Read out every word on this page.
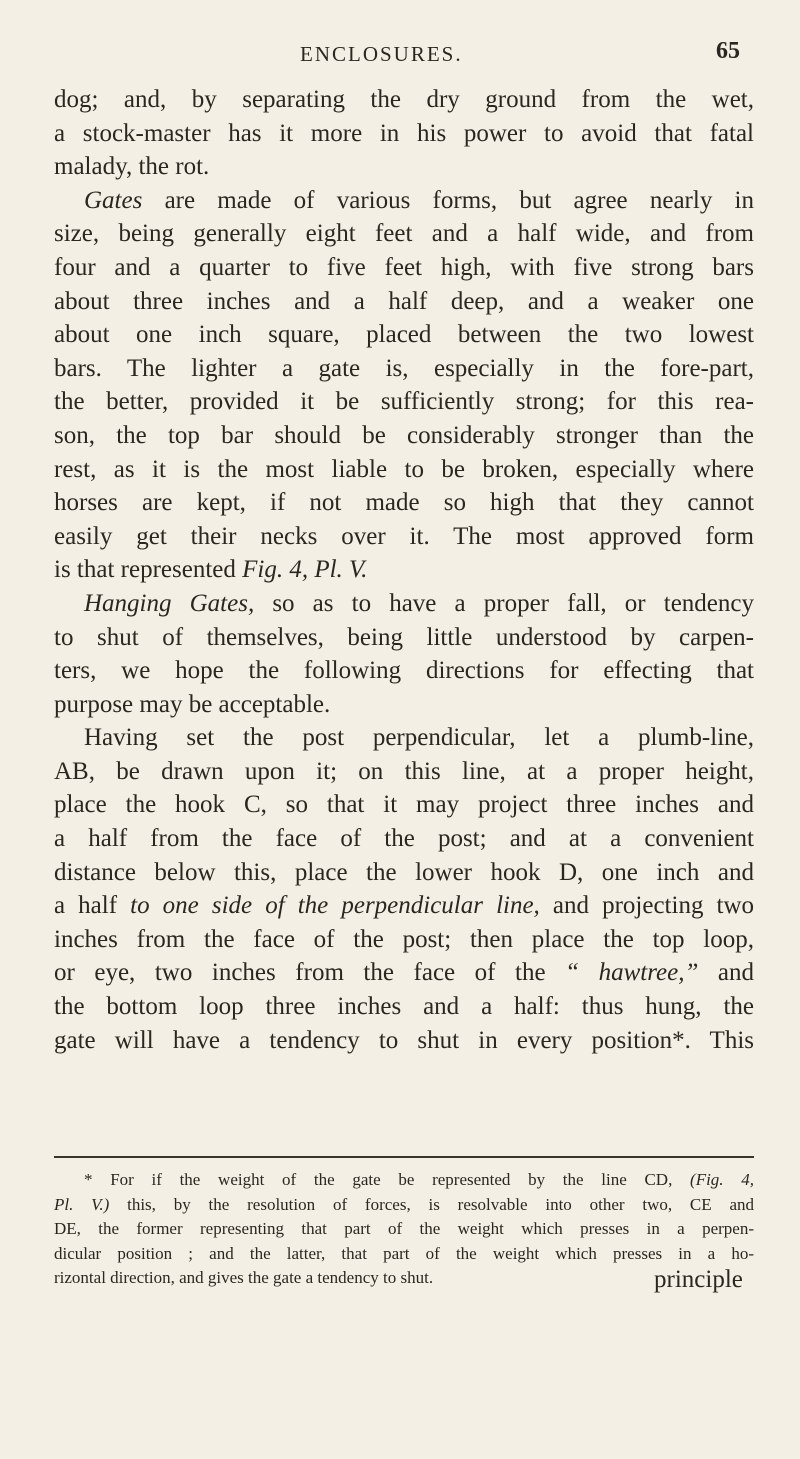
ENCLOSURES.	65
dog; and, by separating the dry ground from the wet,
a stock-master has it more in his power to avoid that fatal
malady, the rot.
Gates are made of various forms, but agree nearly in
size, being generally eight feet and a half wide, and from
four and a quarter to five feet high, with five strong bars
about three inches and a half deep, and a weaker one
about one inch square, placed between the two lowest
bars. The lighter a gate is, especially in the fore-part,
the better, provided it be sufficiently strong; for this rea-
son, the top bar should be considerably stronger than the
rest, as it is the most liable to be broken, especially where
horses are kept, if not made so high that they cannot
easily get their necks over it. The most approved form
is that represented Fig. 4, Pl. V.
Hanging Gates, so as to have a proper fall, or tendency
to shut of themselves, being little understood by carpen-
ters, we hope the following directions for effecting that
purpose may be acceptable.
Having set the post perpendicular, let a plumb-line,
AB, be drawn upon it; on this line, at a proper height,
place the hook C, so that it may project three inches and
a half from the face of the post; and at a convenient
distance below this, place the lower hook D, one inch and
a half to one side of the perpendicular line, and projecting two
inches from the face of the post; then place the top loop,
or eye, two inches from the face of the “ hawtree,” and
the bottom loop three inches and a half: thus hung, the
gate will have a tendency to shut in every position*. This
* For if the weight of the gate be represented by the line CD, (Fig. 4,
Pl. V.) this, by the resolution of forces, is resolvable into other two, CE and
DE, the former representing that part of the weight which presses in a perpen-
dicular position ; and the latter, that part of the weight which presses in a ho-
rizontal direction, and gives the gate a tendency to shut.	principle
